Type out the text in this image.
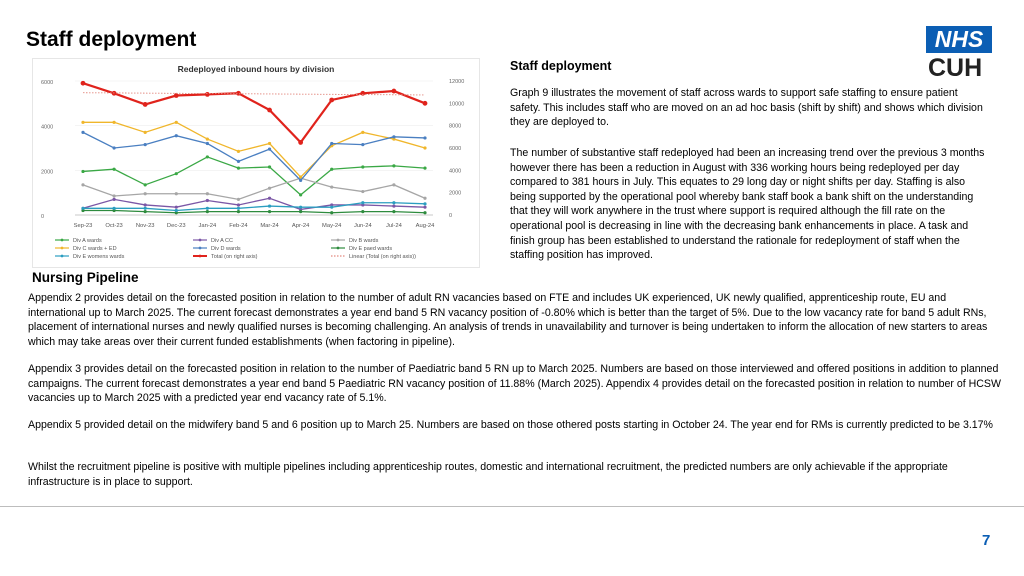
Staff deployment	NHS
CUH
Redeployed inbound hours by division
0
2000
4000
6000
0
2000
4000
6000
8000
10000
12000
Sep-23 Oct-23 Nov-23 Dec-23 Jan-24 Feb-24 Mar-24 Apr-24 May-24 Jun-24 Jul-24 Aug-24
Div A wards	Div A CC	Div B wards
Div C wards + ED	Div D wards	Div E paed wards
Div E womens wards	Total (on right axis)	Linear (Total (on right axis))
Staff deployment
Graph 9 illustrates the movement of staff across wards to support safe staffing to ensure patient safety. This includes staff who are moved on an ad hoc basis (shift by shift) and shows which division they are deployed to.
The number of substantive staff redeployed had been an increasing trend over the previous 3 months however there has been a reduction in August with 336 working hours being redeployed per day compared to 381 hours in July. This equates to 29 long day or night shifts per day. Staffing is also being supported by the operational pool whereby bank staff book a bank shift on the understanding that they will work anywhere in the trust where support is required although the fill rate on the operational pool is decreasing in line with the decreasing bank enhancements in place. A task and finish group has been established to understand the rationale for redeployment of staff when the staffing position has improved.
Nursing Pipeline
Appendix 2 provides detail on the forecasted position in relation to the number of adult RN vacancies based on FTE and includes UK experienced, UK newly qualified, apprenticeship route, EU and international up to March 2025. The current forecast demonstrates a year end band 5 RN vacancy position of -0.80% which is better than the target of 5%. Due to the low vacancy rate for band 5 adult RNs, placement of international nurses and newly qualified nurses is becoming challenging. An analysis of trends in unavailability and turnover is being undertaken to inform the allocation of new starters to areas which may take areas over their current funded establishments (when factoring in pipeline).
Appendix 3 provides detail on the forecasted position in relation to the number of Paediatric band 5 RN up to March 2025. Numbers are based on those interviewed and offered positions in addition to planned campaigns. The current forecast demonstrates a year end band 5 Paediatric RN vacancy position of 11.88% (March 2025). Appendix 4 provides detail on the forecasted position in relation to number of HCSW vacancies up to March 2025 with a predicted year end vacancy rate of 5.1%.
Appendix 5 provided detail on the midwifery band 5 and 6 position up to March 25. Numbers are based on those othered posts starting in October 24. The year end for RMs is currently predicted to be 3.17%
Whilst the recruitment pipeline is positive with multiple pipelines including apprenticeship routes, domestic and international recruitment, the predicted numbers are only achievable if the appropriate infrastructure is in place to support.
7
